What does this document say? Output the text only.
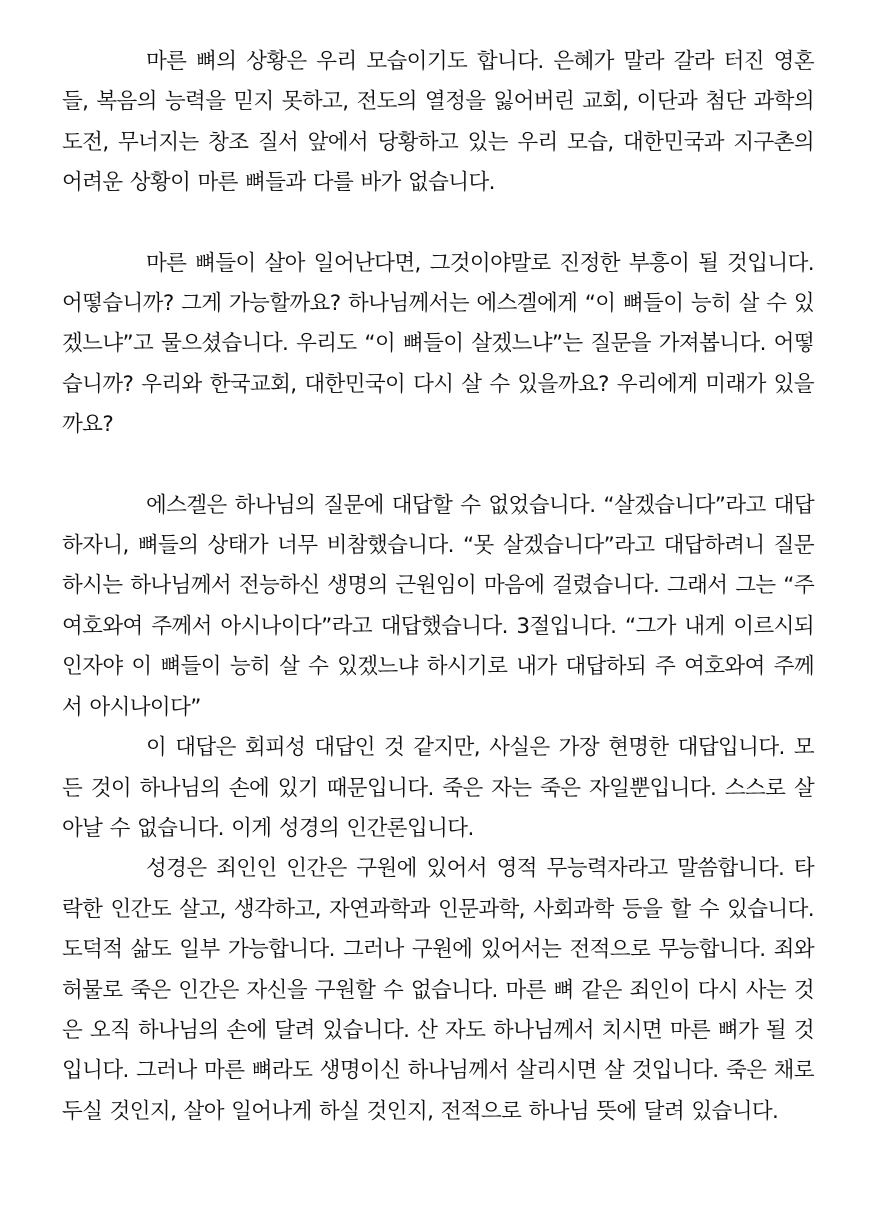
마른 뼈의 상황은 우리 모습이기도 합니다. 은혜가 말라 갈라 터진 영혼들, 복음의 능력을 믿지 못하고, 전도의 열정을 잃어버린 교회, 이단과 첨단 과학의 도전, 무너지는 창조 질서 앞에서 당황하고 있는 우리 모습, 대한민국과 지구촌의 어려운 상황이 마른 뼈들과 다를 바가 없습니다.

마른 뼈들이 살아 일어난다면, 그것이야말로 진정한 부흥이 될 것입니다. 어떻습니까? 그게 가능할까요? 하나님께서는 에스겔에게 “이 뼈들이 능히 살 수 있겠느냐”고 물으셨습니다. 우리도 “이 뼈들이 살겠느냐”는 질문을 가져봅니다. 어떻습니까? 우리와 한국교회, 대한민국이 다시 살 수 있을까요? 우리에게 미래가 있을까요?

에스겔은 하나님의 질문에 대답할 수 없었습니다. “살겠습니다”라고 대답하자니, 뼈들의 상태가 너무 비참했습니다. “못 살겠습니다”라고 대답하려니 질문하시는 하나님께서 전능하신 생명의 근원임이 마음에 걸렸습니다. 그래서 그는 “주 여호와여 주께서 아시나이다”라고 대답했습니다. 3절입니다. “그가 내게 이르시되 인자야 이 뼈들이 능히 살 수 있겠느냐 하시기로 내가 대답하되 주 여호와여 주께서 아시나이다”

이 대답은 회피성 대답인 것 같지만, 사실은 가장 현명한 대답입니다. 모든 것이 하나님의 손에 있기 때문입니다. 죽은 자는 죽은 자일뿐입니다. 스스로 살아날 수 없습니다. 이게 성경의 인간론입니다.

성경은 죄인인 인간은 구원에 있어서 영적 무능력자라고 말씀합니다. 타락한 인간도 살고, 생각하고, 자연과학과 인문과학, 사회과학 등을 할 수 있습니다. 도덕적 삶도 일부 가능합니다. 그러나 구원에 있어서는 전적으로 무능합니다. 죄와 허물로 죽은 인간은 자신을 구원할 수 없습니다. 마른 뼈 같은 죄인이 다시 사는 것은 오직 하나님의 손에 달려 있습니다. 산 자도 하나님께서 치시면 마른 뼈가 될 것입니다. 그러나 마른 뼈라도 생명이신 하나님께서 살리시면 살 것입니다. 죽은 채로 두실 것인지, 살아 일어나게 하실 것인지, 전적으로 하나님 뜻에 달려 있습니다.
